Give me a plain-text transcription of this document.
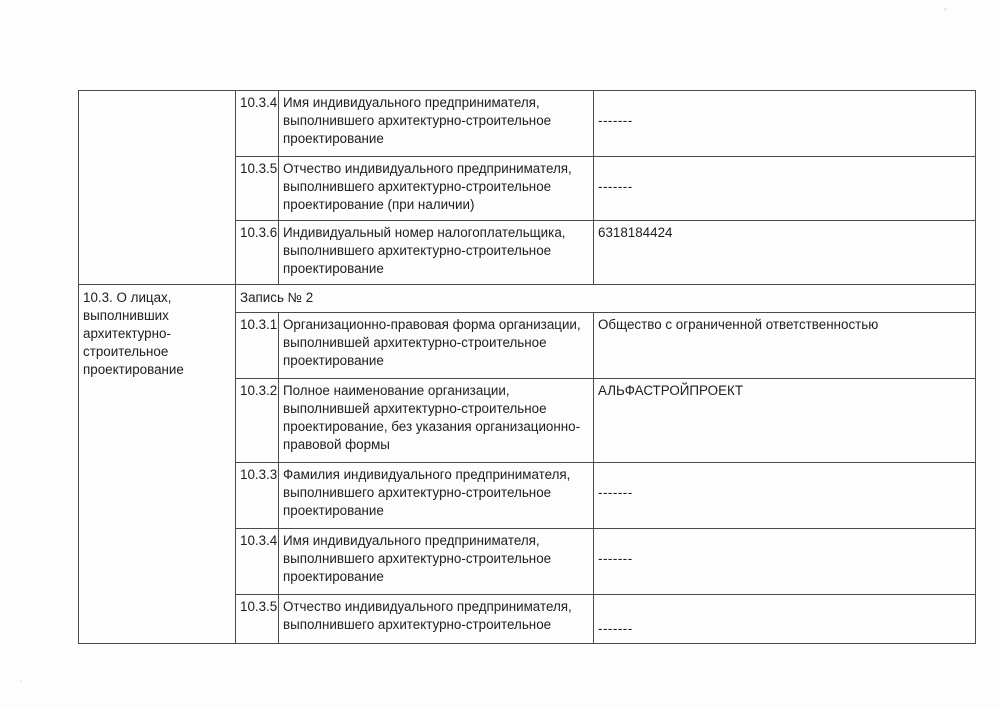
	10.3.4	Имя индивидуального предпринимателя,
выполнившего архитектурно-строительное
проектирование	-------

	10.3.5	Отчество индивидуального предпринимателя,
выполнившего архитектурно-строительное
проектирование (при наличии)	-------

	10.3.6	Индивидуальный номер налогоплательщика,
выполнившего архитектурно-строительное
проектирование	6318184424

10.3. О лицах,
выполнивших
архитектурно-
строительное
проектирование	Запись № 2		
	10.3.1	Организационно-правовая форма организации,
выполнившей архитектурно-строительное
проектирование	Общество с ограниченной ответственностью
	10.3.2	Полное наименование организации,
выполнившей архитектурно-строительное
проектирование, без указания организационно-
правовой формы	АЛЬФАСТРОЙПРОЕКТ
	10.3.3	Фамилия индивидуального предпринимателя,
выполнившего архитектурно-строительное
проектирование	-------

	10.3.4	Имя индивидуального предпринимателя,
выполнившего архитектурно-строительное
проектирование	-------

	10.3.5	Отчество индивидуального предпринимателя,
выполнившего архитектурно-строительное	-------
